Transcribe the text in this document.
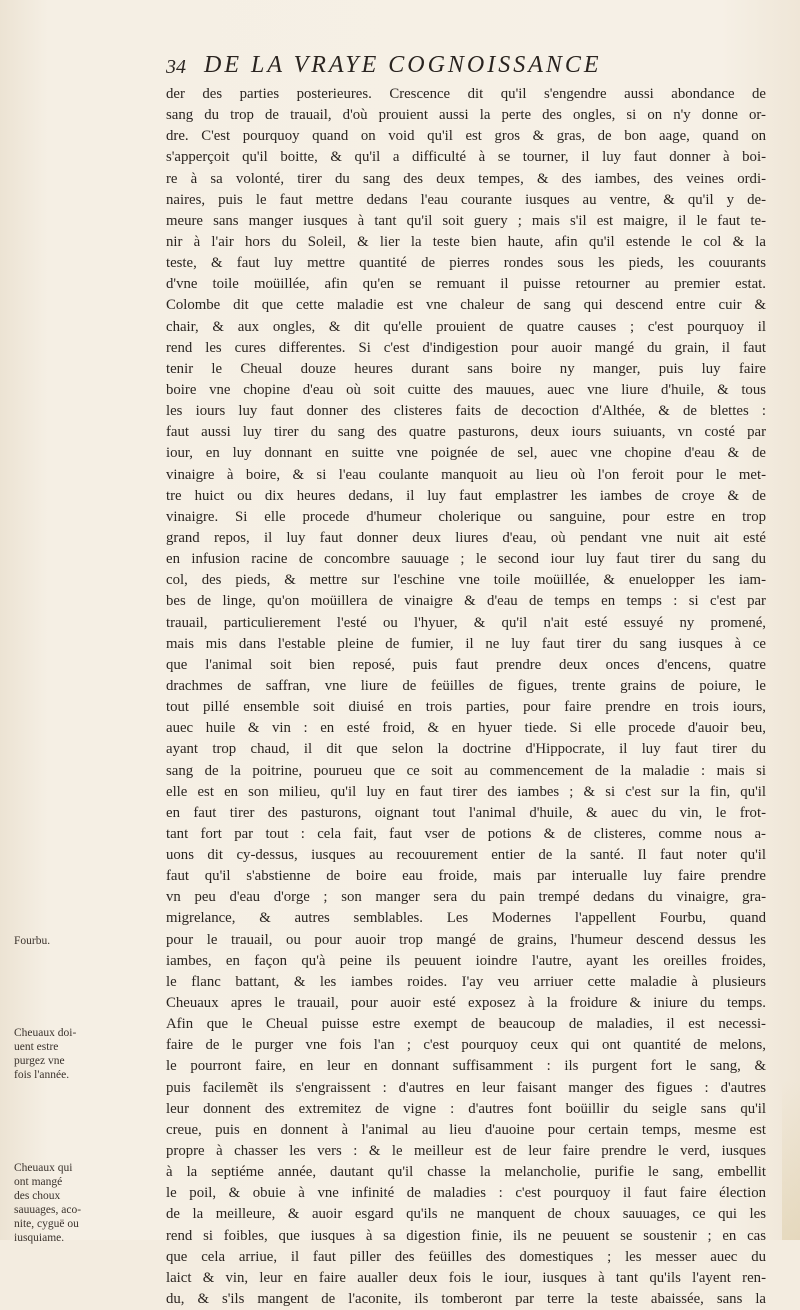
34 DE LA VRAYE COGNOISSANCE
der des parties posterieures. Crescence dit qu'il s'engendre aussi abondance de
sang du trop de trauail, d'où prouient aussi la perte des ongles, si on n'y donne or-
dre. C'est pourquoy quand on void qu'il est gros & gras, de bon aage, quand on
s'apperçoit qu'il boitte, & qu'il a difficulté à se tourner, il luy faut donner à boi-
re à sa volonté, tirer du sang des deux tempes, & des iambes, des veines ordi-
naires, puis le faut mettre dedans l'eau courante iusques au ventre, & qu'il y de-
meure sans manger iusques à tant qu'il soit guery ; mais s'il est maigre, il le faut te-
nir à l'air hors du Soleil, & lier la teste bien haute, afin qu'il estende le col & la
teste, & faut luy mettre quantité de pierres rondes sous les pieds, les couurants
d'vne toile moüillée, afin qu'en se remuant il puisse retourner au premier estat.
Colombe dit que cette maladie est vne chaleur de sang qui descend entre cuir &
chair, & aux ongles, & dit qu'elle prouient de quatre causes ; c'est pourquoy il
rend les cures differentes. Si c'est d'indigestion pour auoir mangé du grain, il faut
tenir le Cheual douze heures durant sans boire ny manger, puis luy faire
boire vne chopine d'eau où soit cuitte des mauues, auec vne liure d'huile, & tous
les iours luy faut donner des clisteres faits de decoction d'Althée, & de blettes :
faut aussi luy tirer du sang des quatre pasturons, deux iours suiuants, vn costé par
iour, en luy donnant en suitte vne poignée de sel, auec vne chopine d'eau & de
vinaigre à boire, & si l'eau coulante manquoit au lieu où l'on feroit pour le met-
tre huict ou dix heures dedans, il luy faut emplastrer les iambes de croye & de
vinaigre. Si elle procede d'humeur cholerique ou sanguine, pour estre en trop
grand repos, il luy faut donner deux liures d'eau, où pendant vne nuit ait esté
en infusion racine de concombre sauuage ; le second iour luy faut tirer du sang du
col, des pieds, & mettre sur l'eschine vne toile moüillée, & enuelopper les iam-
bes de linge, qu'on moüillera de vinaigre & d'eau de temps en temps : si c'est par
trauail, particulierement l'esté ou l'hyuer, & qu'il n'ait esté essuyé ny promené,
mais mis dans l'estable pleine de fumier, il ne luy faut tirer du sang iusques à ce
que l'animal soit bien reposé, puis faut prendre deux onces d'encens, quatre
drachmes de saffran, vne liure de feüilles de figues, trente grains de poiure, le
tout pillé ensemble soit diuisé en trois parties, pour faire prendre en trois iours,
auec huile & vin : en esté froid, & en hyuer tiede. Si elle procede d'auoir beu,
ayant trop chaud, il dit que selon la doctrine d'Hippocrate, il luy faut tirer du
sang de la poitrine, pourueu que ce soit au commencement de la maladie : mais si
elle est en son milieu, qu'il luy en faut tirer des iambes ; & si c'est sur la fin, qu'il
en faut tirer des pasturons, oignant tout l'animal d'huile, & auec du vin, le frot-
tant fort par tout : cela fait, faut vser de potions & de clisteres, comme nous a-
uons dit cy-dessus, iusques au recouurement entier de la santé. Il faut noter qu'il
faut qu'il s'abstienne de boire eau froide, mais par interualle luy faire prendre
vn peu d'eau d'orge ; son manger sera du pain trempé dedans du vinaigre, gra-
migrelance, & autres semblables. Les Modernes l'appellent Fourbu, quand
pour le trauail, ou pour auoir trop mangé de grains, l'humeur descend dessus les
iambes, en façon qu'à peine ils peuuent ioindre l'autre, ayant les oreilles froides,
le flanc battant, & les iambes roides. I'ay veu arriuer cette maladie à plusieurs
Cheuaux apres le trauail, pour auoir esté exposez à la froidure & iniure du temps.
Afin que le Cheual puisse estre exempt de beaucoup de maladies, il est necessi-
faire de le purger vne fois l'an ; c'est pourquoy ceux qui ont quantité de melons,
le pourront faire, en leur en donnant suffisamment : ils purgent fort le sang, &
puis facilemẽt ils s'engraissent : d'autres en leur faisant manger des figues : d'autres
leur donnent des extremitez de vigne : d'autres font boüillir du seigle sans qu'il
creue, puis en donnent à l'animal au lieu d'auoine pour certain temps, mesme est
propre à chasser les vers : & le meilleur est de leur faire prendre le verd, iusques
à la septiéme année, dautant qu'il chasse la melancholie, purifie le sang, embellit
le poil, & obuie à vne infinité de maladies : c'est pourquoy il faut faire élection
de la meilleure, & auoir esgard qu'ils ne manquent de choux sauuages, ce qui les
rend si foibles, que iusques à sa digestion finie, ils ne peuuent se soustenir ; en cas
que cela arriue, il faut piller des feüilles des domestiques ; les messer auec du
laict & vin, leur en faire aualler deux fois le iour, iusques à tant qu'ils l'ayent ren-
du, & s'ils mangent de l'aconite, ils tomberont par terre la teste abaissée, sans la
Fourbu.
Cheuaux doi-
uent estre
purgez vne
fois l'année.
Cheuaux qui
ont mangé
des choux
sauuages, aco-
nite, cyguë ou
iusquiame.
